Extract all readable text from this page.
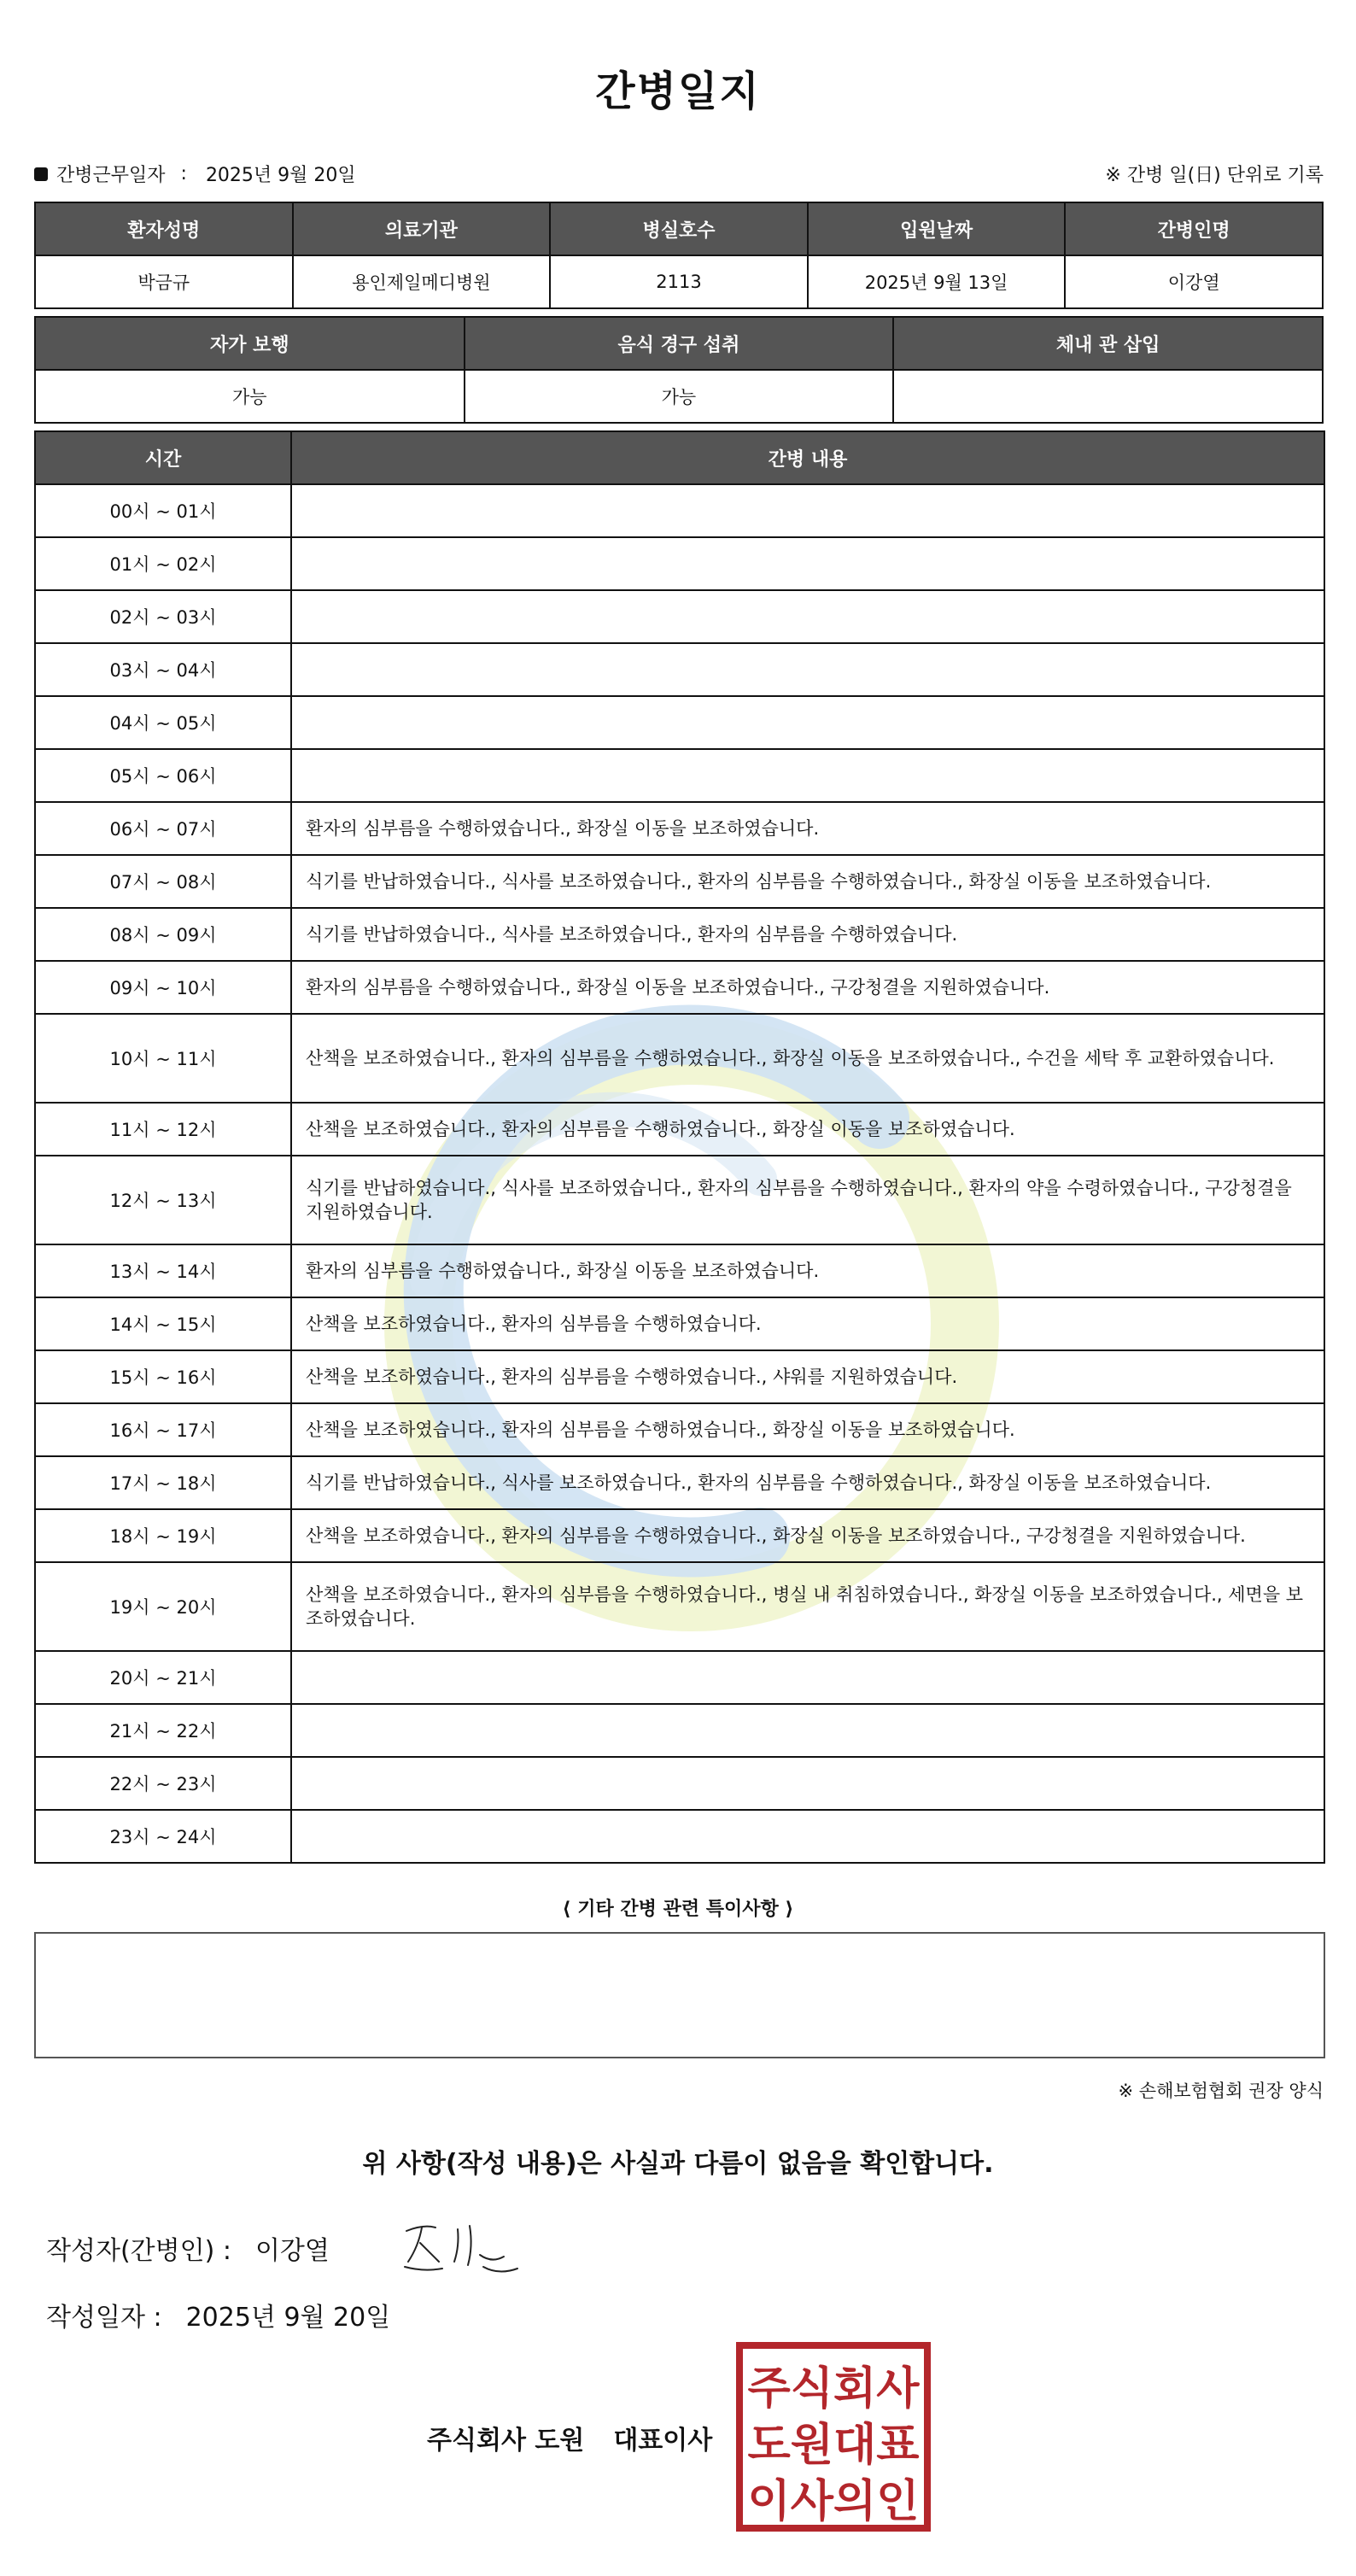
간병일지
간병근무일자 : 2025년 9월 20일	※ 간병 일(日) 단위로 기록
환자성명	의료기관	병실호수	입원날짜	간병인명
박금규	용인제일메디병원	2113	2025년 9월 13일	이강열
자가 보행	음식 경구 섭취	체내 관 삽입
가능	가능	
시간	간병 내용
00시 ~ 01시	
01시 ~ 02시	
02시 ~ 03시	
03시 ~ 04시	
04시 ~ 05시	
05시 ~ 06시	
06시 ~ 07시	환자의 심부름을 수행하였습니다., 화장실 이동을 보조하였습니다.
07시 ~ 08시	식기를 반납하였습니다., 식사를 보조하였습니다., 환자의 심부름을 수행하였습니다., 화장실 이동을 보조하였습니다.
08시 ~ 09시	식기를 반납하였습니다., 식사를 보조하였습니다., 환자의 심부름을 수행하였습니다.
09시 ~ 10시	환자의 심부름을 수행하였습니다., 화장실 이동을 보조하였습니다., 구강청결을 지원하였습니다.
10시 ~ 11시	산책을 보조하였습니다., 환자의 심부름을 수행하였습니다., 화장실 이동을 보조하였습니다., 수건을 세탁 후 교환하였습니다.
11시 ~ 12시	산책을 보조하였습니다., 환자의 심부름을 수행하였습니다., 화장실 이동을 보조하였습니다.
12시 ~ 13시	식기를 반납하였습니다., 식사를 보조하였습니다., 환자의 심부름을 수행하였습니다., 환자의 약을 수령하였습니다., 구강청결을 지원하였습니다.
13시 ~ 14시	환자의 심부름을 수행하였습니다., 화장실 이동을 보조하였습니다.
14시 ~ 15시	산책을 보조하였습니다., 환자의 심부름을 수행하였습니다.
15시 ~ 16시	산책을 보조하였습니다., 환자의 심부름을 수행하였습니다., 샤워를 지원하였습니다.
16시 ~ 17시	산책을 보조하였습니다., 환자의 심부름을 수행하였습니다., 화장실 이동을 보조하였습니다.
17시 ~ 18시	식기를 반납하였습니다., 식사를 보조하였습니다., 환자의 심부름을 수행하였습니다., 화장실 이동을 보조하였습니다.
18시 ~ 19시	산책을 보조하였습니다., 환자의 심부름을 수행하였습니다., 화장실 이동을 보조하였습니다., 구강청결을 지원하였습니다.
19시 ~ 20시	산책을 보조하였습니다., 환자의 심부름을 수행하였습니다., 병실 내 취침하였습니다., 화장실 이동을 보조하였습니다., 세면을 보조하였습니다.
20시 ~ 21시	
21시 ~ 22시	
22시 ~ 23시	
23시 ~ 24시	
⟨ 기타 간병 관련 특이사항 ⟩
※ 손해보험협회 권장 양식
위 사항(작성 내용)은 사실과 다름이 없음을 확인합니다.
작성자(간병인) : 이강열
작성일자 : 2025년 9월 20일
주식회사 도원 대표이사
주식회사
도원대표
이사의인
